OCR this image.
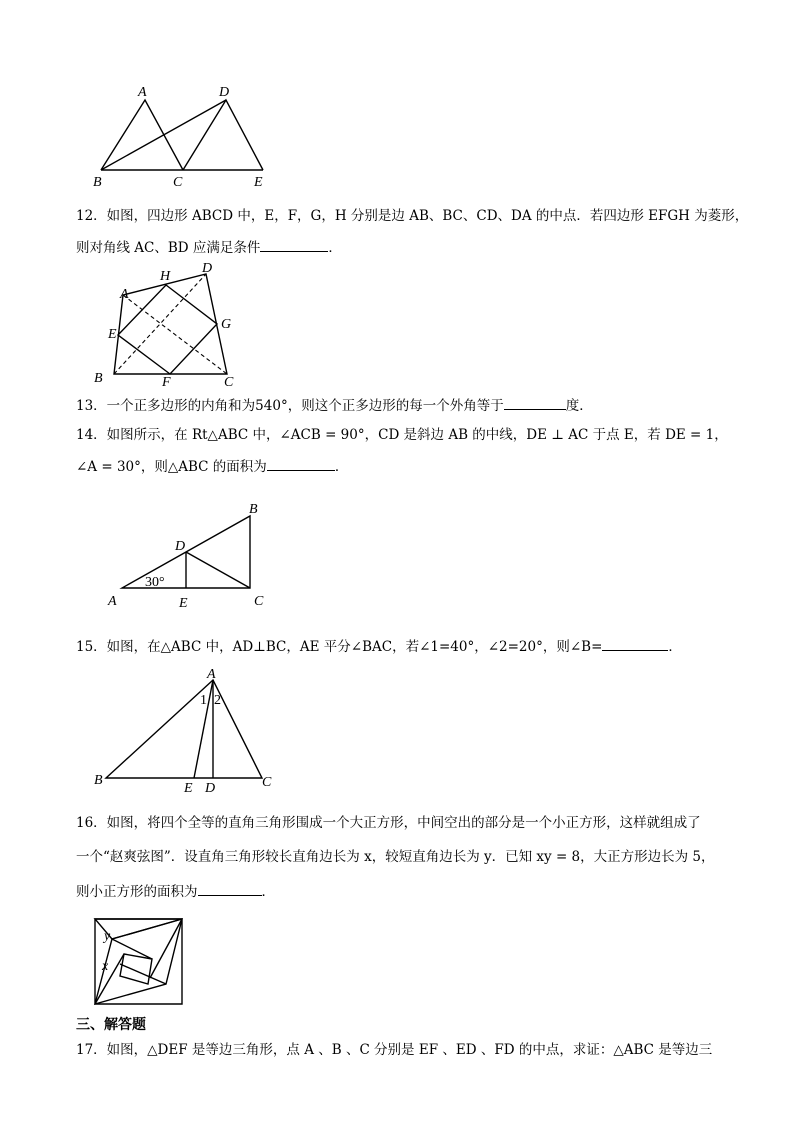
A	D
B	C	E
12．如图，四边形 ABCD 中，E，F，G，H 分别是边 AB、BC、CD、DA 的中点．若四边形 EFGH 为菱形，
则对角线 AC、BD 应满足条件	．
A
H
D
E
G
B	F	C
13．一个正多边形的内角和为540°，则这个正多边形的每一个外角等于	度．
14．如图所示，在 Rt△ABC 中，∠ACB = 90°，CD 是斜边 AB 的中线，DE ⊥ AC 于点 E，若 DE = 1，
∠A = 30°，则△ABC 的面积为	．
B
D
30°
A	E	C
15．如图，在△ABC 中，AD⊥BC，AE 平分∠BAC，若∠1=40°，∠2=20°，则∠B=	．
A
1 2
B
E D	C
16．如图，将四个全等的直角三角形围成一个大正方形，中间空出的部分是一个小正方形，这样就组成了
一个“赵爽弦图”．设直角三角形较长直角边长为 x，较短直角边长为 y．已知 xy = 8，大正方形边长为 5，
则小正方形的面积为	．
y
x
三、解答题
17．如图，△DEF 是等边三角形，点 A 、B 、C 分别是 EF 、ED 、FD 的中点，求证：△ABC 是等边三
